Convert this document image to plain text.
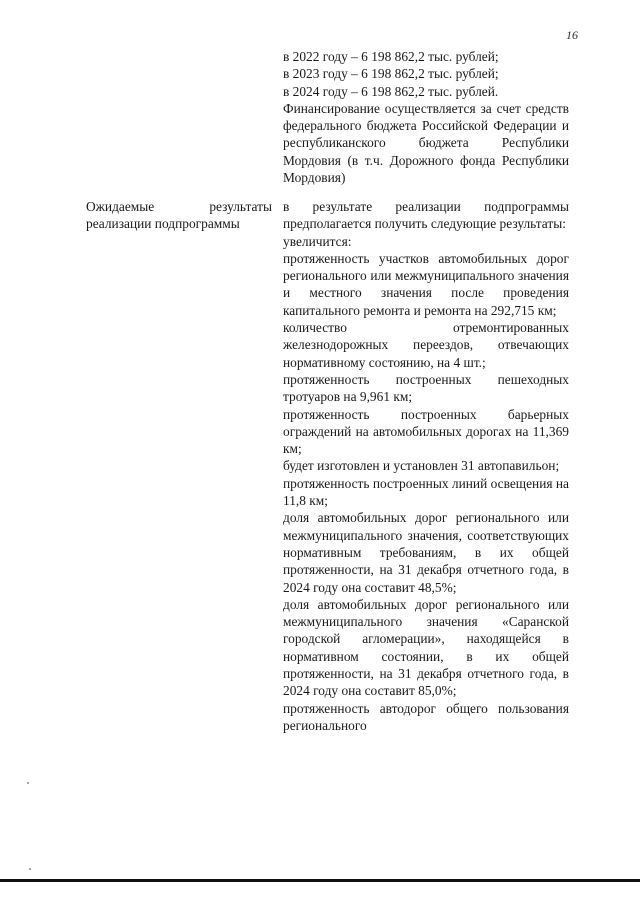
16

в 2022 году – 6 198 862,2 тыс. рублей;

в 2023 году – 6 198 862,2 тыс. рублей;

в 2024 году – 6 198 862,2 тыс. рублей.

Финансирование осуществляется за счет средств федерального бюджета Российской Федерации и республиканского бюджета Республики Мордовия (в т.ч. Дорожного фонда Республики Мордовия)

Ожидаемые результаты
реализации подпрограммы

в результате реализации подпрограммы предполагается получить следующие результаты:

увеличится:

протяженность участков автомобильных дорог регионального или межмуниципального значения и местного значения после проведения капитального ремонта и ремонта на 292,715 км;

количество отремонтированных железнодорожных переездов, отвечающих нормативному состоянию, на 4 шт.;

протяженность построенных пешеходных тротуаров на 9,961 км;

протяженность построенных барьерных ограждений на автомобильных дорогах на 11,369 км;

будет изготовлен и установлен 31 автопавильон;

протяженность построенных линий освещения на 11,8 км;

доля автомобильных дорог регионального или межмуниципального значения, соответствующих нормативным требованиям, в их общей протяженности, на 31 декабря отчетного года, в 2024 году она составит 48,5%;

доля автомобильных дорог регионального или межмуниципального значения «Саранской городской агломерации», находящейся в нормативном состоянии, в их общей протяженности, на 31 декабря отчетного года, в 2024 году она составит 85,0%;

протяженность автодорог общего пользования регионального
